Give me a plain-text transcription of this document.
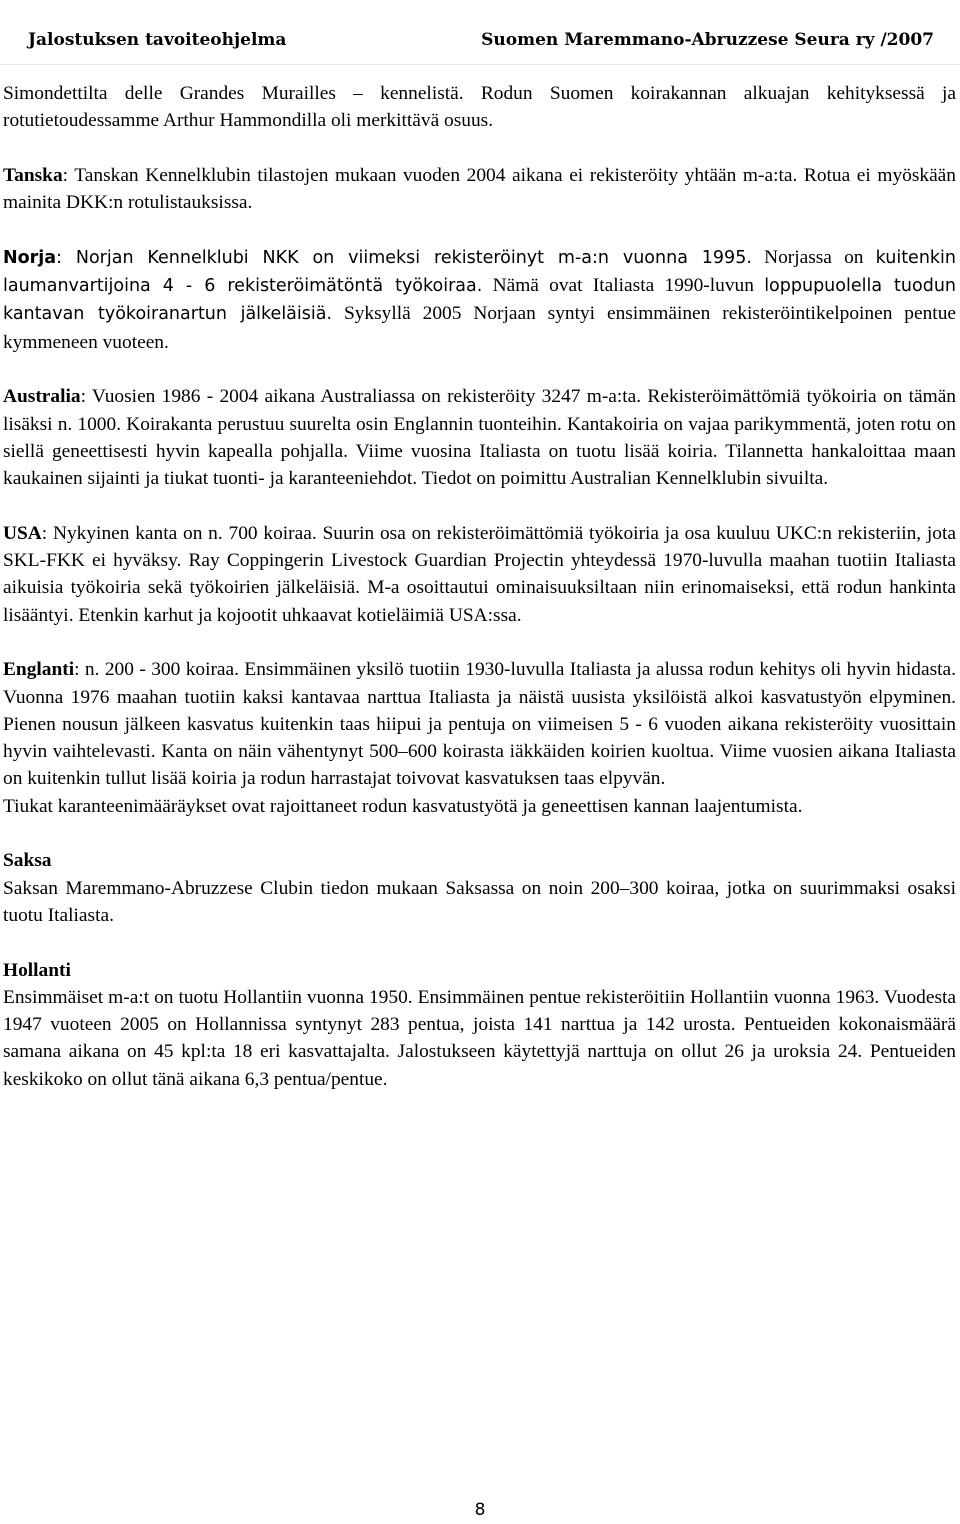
Jalostuksen tavoiteohjelma	Suomen Maremmano-Abruzzese Seura ry /2007

Simondettilta delle Grandes Murailles – kennelistä. Rodun Suomen koirakannan alkuajan kehityksessä ja rotutietoudessamme Arthur Hammondilla oli merkittävä osuus.

Tanska: Tanskan Kennelklubin tilastojen mukaan vuoden 2004 aikana ei rekisteröity yhtään m-a:ta. Rotua ei myöskään mainita DKK:n rotulistauksissa.

Norja: Norjan Kennelklubi NKK on viimeksi rekisteröinyt m-a:n vuonna 1995. Norjassa on kuitenkin laumanvartijoina 4 - 6 rekisteröimätöntä työkoiraa. Nämä ovat Italiasta 1990-luvun loppupuolella tuodun kantavan työkoiranartun jälkeläisiä. Syksyllä 2005 Norjaan syntyi ensimmäinen rekisteröintikelpoinen pentue kymmeneen vuoteen.

Australia: Vuosien 1986 - 2004 aikana Australiassa on rekisteröity 3247 m-a:ta. Rekisteröimättömiä työkoiria on tämän lisäksi n. 1000. Koirakanta perustuu suurelta osin Englannin tuonteihin. Kantakoiria on vajaa parikymmentä, joten rotu on siellä geneettisesti hyvin kapealla pohjalla. Viime vuosina Italiasta on tuotu lisää koiria. Tilannetta hankaloittaa maan kaukainen sijainti ja tiukat tuonti- ja karanteeniehdot. Tiedot on poimittu Australian Kennelklubin sivuilta.

USA: Nykyinen kanta on n. 700 koiraa. Suurin osa on rekisteröimättömiä työkoiria ja osa kuuluu UKC:n rekisteriin, jota SKL-FKK ei hyväksy. Ray Coppingerin Livestock Guardian Projectin yhteydessä 1970-luvulla maahan tuotiin Italiasta aikuisia työkoiria sekä työkoirien jälkeläisiä. M-a osoittautui ominaisuuksiltaan niin erinomaiseksi, että rodun hankinta lisääntyi. Etenkin karhut ja kojootit uhkaavat kotieläimiä USA:ssa.

Englanti: n. 200 - 300 koiraa. Ensimmäinen yksilö tuotiin 1930-luvulla Italiasta ja alussa rodun kehitys oli hyvin hidasta. Vuonna 1976 maahan tuotiin kaksi kantavaa narttua Italiasta ja näistä uusista yksilöistä alkoi kasvatustyön elpyminen. Pienen nousun jälkeen kasvatus kuitenkin taas hiipui ja pentuja on viimeisen 5 - 6 vuoden aikana rekisteröity vuosittain hyvin vaihtelevasti. Kanta on näin vähentynyt 500–600 koirasta iäkkäiden koirien kuoltua. Viime vuosien aikana Italiasta on kuitenkin tullut lisää koiria ja rodun harrastajat toivovat kasvatuksen taas elpyvän.

Tiukat karanteenimääräykset ovat rajoittaneet rodun kasvatustyötä ja geneettisen kannan laajentumista.

Saksa

Saksan Maremmano-Abruzzese Clubin tiedon mukaan Saksassa on noin 200–300 koiraa, jotka on suurimmaksi osaksi tuotu Italiasta.

Hollanti

Ensimmäiset m-a:t on tuotu Hollantiin vuonna 1950. Ensimmäinen pentue rekisteröitiin Hollantiin vuonna 1963. Vuodesta 1947 vuoteen 2005 on Hollannissa syntynyt 283 pentua, joista 141 narttua ja 142 urosta. Pentueiden kokonaismäärä samana aikana on 45 kpl:ta 18 eri kasvattajalta. Jalostukseen käytettyjä narttuja on ollut 26 ja uroksia 24. Pentueiden keskikoko on ollut tänä aikana 6,3 pentua/pentue.

8
